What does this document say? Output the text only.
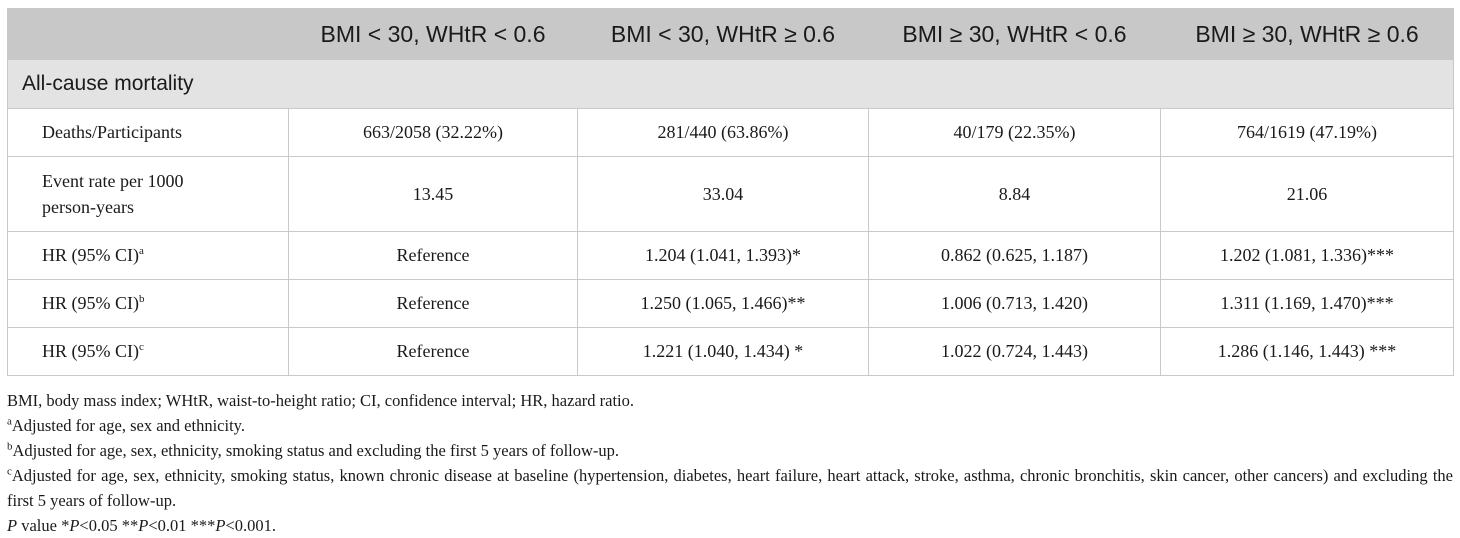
	BMI < 30, WHtR < 0.6	BMI < 30, WHtR ≥ 0.6	BMI ≥ 30, WHtR < 0.6	BMI ≥ 30, WHtR ≥ 0.6
All-cause mortality				
Deaths/Participants	663/2058 (32.22%)	281/440 (63.86%)	40/179 (22.35%)	764/1619 (47.19%)

Event rate per 1000
person-years	13.45	33.04	8.84	21.06
HR (95% CI)$^a$	Reference	1.204 (1.041, 1.393)*	0.862 (0.625, 1.187)	1.202 (1.081, 1.336)***
HR (95% CI)$^b$	Reference	1.250 (1.065, 1.466)**	1.006 (0.713, 1.420)	1.311 (1.169, 1.470)***
HR (95% CI)$^c$	Reference	1.221 (1.040, 1.434) *	1.022 (0.724, 1.443)	1.286 (1.146, 1.443) ***

BMI, body mass index; WHtR, waist-to-height ratio; CI, confidence interval; HR, hazard ratio.

$^a$Adjusted for age, sex and ethnicity.

$^b$Adjusted for age, sex, ethnicity, smoking status and excluding the first 5 years of follow-up.

$^c$Adjusted for age, sex, ethnicity, smoking status, known chronic disease at baseline (hypertension, diabetes, heart failure, heart attack, stroke, asthma, chronic bronchitis, skin cancer, other cancers) and excluding the first 5 years of follow-up.

P value *P<0.05 **P<0.01 ***P<0.001.
